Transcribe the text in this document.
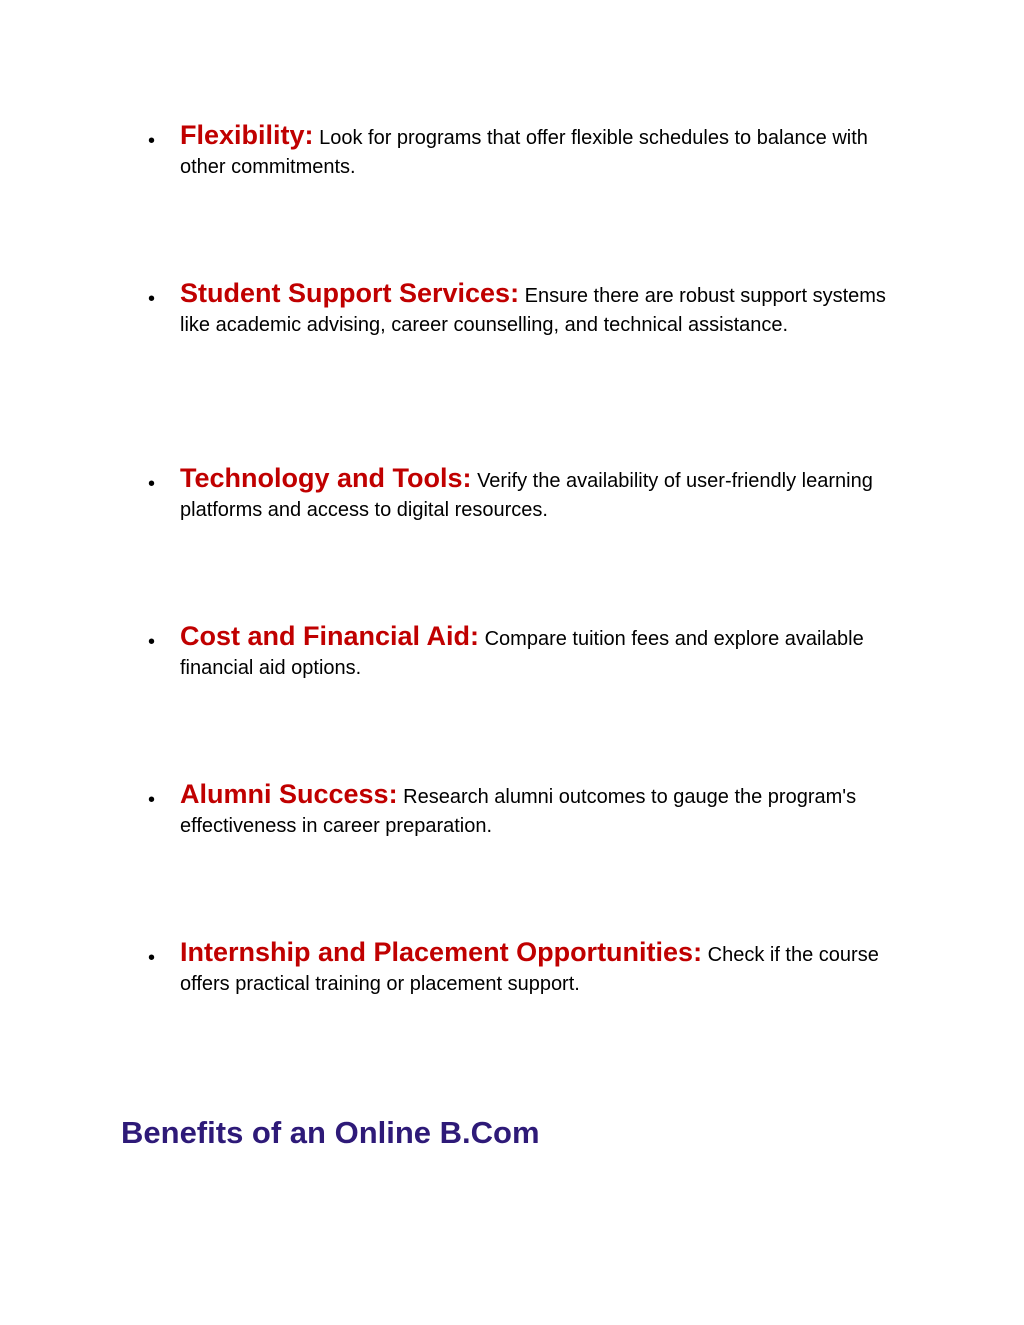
• Flexibility: Look for programs that offer flexible schedules to balance with other commitments.

• Student Support Services: Ensure there are robust support systems like academic advising, career counselling, and technical assistance.

• Technology and Tools: Verify the availability of user-friendly learning platforms and access to digital resources.

• Cost and Financial Aid: Compare tuition fees and explore available financial aid options.

• Alumni Success: Research alumni outcomes to gauge the program's effectiveness in career preparation.

• Internship and Placement Opportunities: Check if the course offers practical training or placement support.

Benefits of an Online B.Com
